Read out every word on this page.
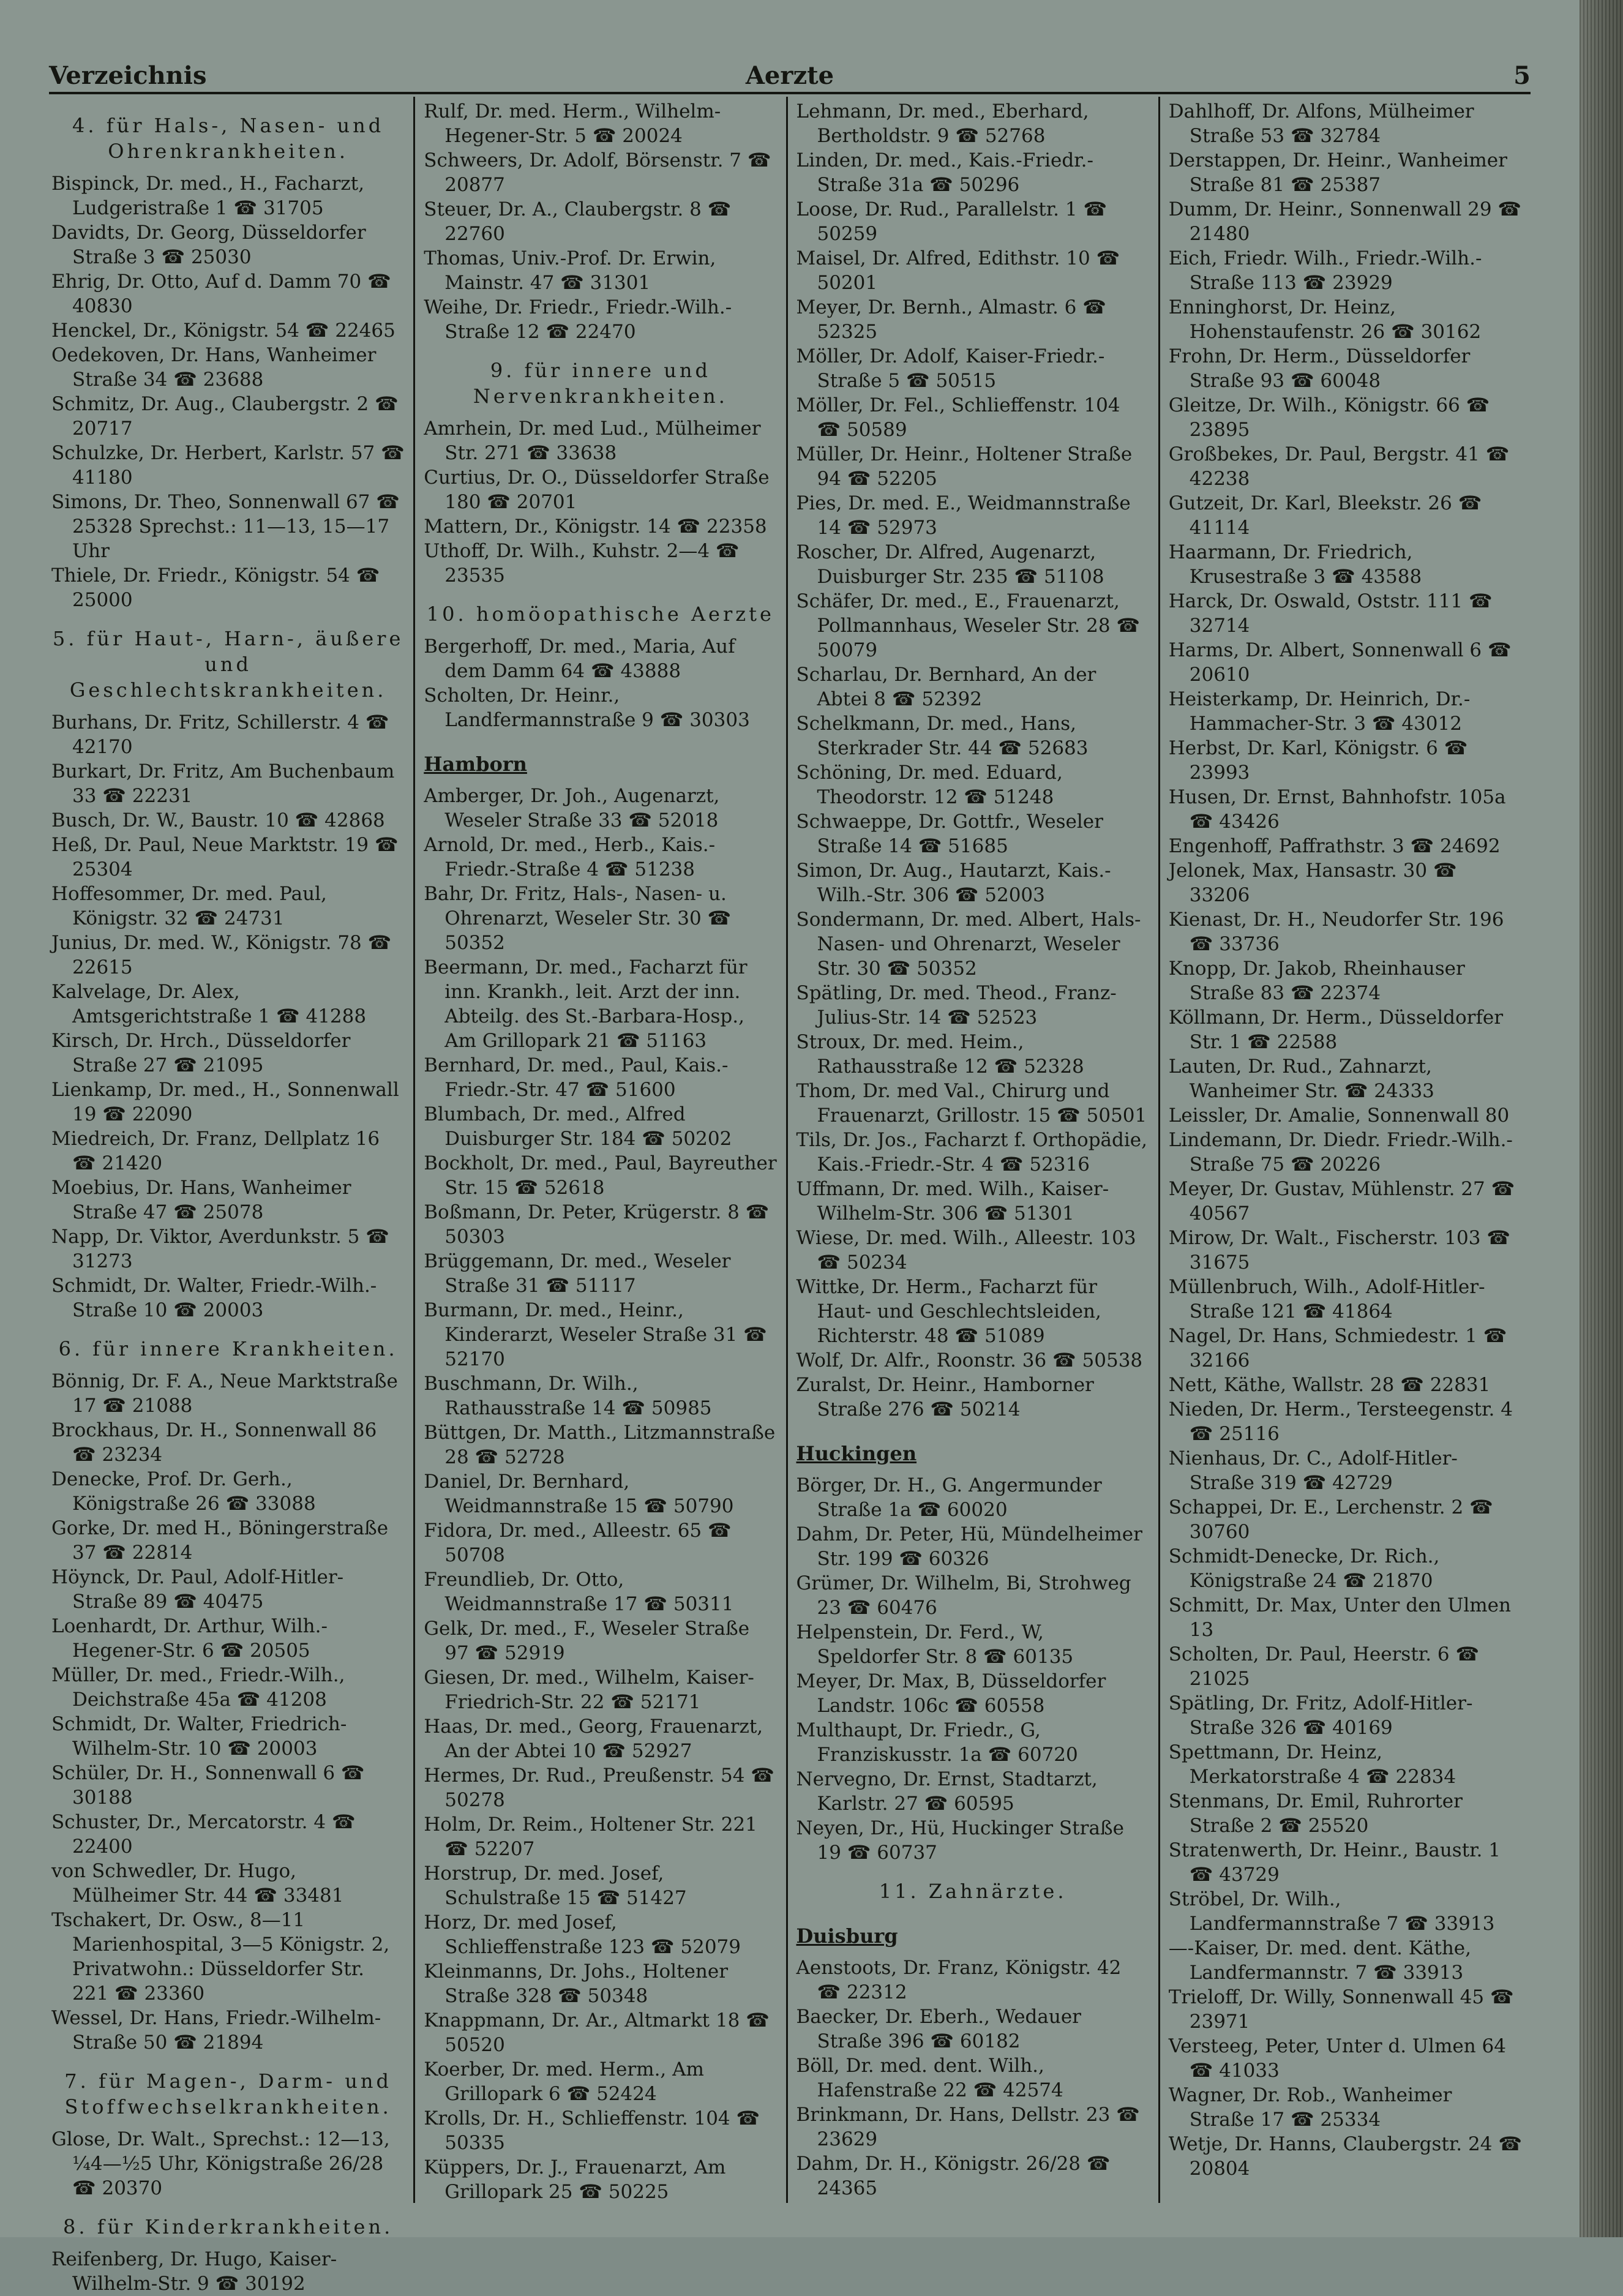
Verzeichnis	Aerzte	5
4. für Hals-, Nasen- und Ohrenkrankheiten.
Bispinck, Dr. med., H., Facharzt, Ludgeristraße 1 ☎ 31705
Davidts, Dr. Georg, Düsseldorfer Straße 3 ☎ 25030
Ehrig, Dr. Otto, Auf d. Damm 70 ☎ 40830
Henckel, Dr., Königstr. 54 ☎ 22465
Oedekoven, Dr. Hans, Wanheimer Straße 34 ☎ 23688
Schmitz, Dr. Aug., Claubergstr. 2 ☎ 20717
Schulzke, Dr. Herbert, Karlstr. 57 ☎ 41180
Simons, Dr. Theo, Sonnenwall 67 ☎ 25328 Sprechst.: 11—13, 15—17 Uhr
Thiele, Dr. Friedr., Königstr. 54 ☎ 25000
5. für Haut-, Harn-, äußere und Geschlechtskrankheiten.
Burhans, Dr. Fritz, Schillerstr. 4 ☎ 42170
Burkart, Dr. Fritz, Am Buchenbaum 33 ☎ 22231
Busch, Dr. W., Baustr. 10 ☎ 42868
Heß, Dr. Paul, Neue Marktstr. 19 ☎ 25304
Hoffesommer, Dr. med. Paul, Königstr. 32 ☎ 24731
Junius, Dr. med. W., Königstr. 78 ☎ 22615
Kalvelage, Dr. Alex, Amtsgerichtstraße 1 ☎ 41288
Kirsch, Dr. Hrch., Düsseldorfer Straße 27 ☎ 21095
Lienkamp, Dr. med., H., Sonnenwall 19 ☎ 22090
Miedreich, Dr. Franz, Dellplatz 16 ☎ 21420
Moebius, Dr. Hans, Wanheimer Straße 47 ☎ 25078
Napp, Dr. Viktor, Averdunkstr. 5 ☎ 31273
Schmidt, Dr. Walter, Friedr.-Wilh.-Straße 10 ☎ 20003
6. für innere Krankheiten.
Bönnig, Dr. F. A., Neue Marktstraße 17 ☎ 21088
Brockhaus, Dr. H., Sonnenwall 86 ☎ 23234
Denecke, Prof. Dr. Gerh., Königstraße 26 ☎ 33088
Gorke, Dr. med H., Böningerstraße 37 ☎ 22814
Höynck, Dr. Paul, Adolf-Hitler-Straße 89 ☎ 40475
Loenhardt, Dr. Arthur, Wilh.-Hegener-Str. 6 ☎ 20505
Müller, Dr. med., Friedr.-Wilh., Deichstraße 45a ☎ 41208
Schmidt, Dr. Walter, Friedrich-Wilhelm-Str. 10 ☎ 20003
Schüler, Dr. H., Sonnenwall 6 ☎ 30188
Schuster, Dr., Mercatorstr. 4 ☎ 22400
von Schwedler, Dr. Hugo, Mülheimer Str. 44 ☎ 33481
Tschakert, Dr. Osw., 8—11 Marienhospital, 3—5 Königstr. 2, Privatwohn.: Düsseldorfer Str. 221 ☎ 23360
Wessel, Dr. Hans, Friedr.-Wilhelm-Straße 50 ☎ 21894
7. für Magen-, Darm- und Stoffwechselkrankheiten.
Glose, Dr. Walt., Sprechst.: 12—13, ¼4—½5 Uhr, Königstraße 26/28 ☎ 20370
8. für Kinderkrankheiten.
Reifenberg, Dr. Hugo, Kaiser-Wilhelm-Str. 9 ☎ 30192
Rulf, Dr. med. Herm., Wilhelm-Hegener-Str. 5 ☎ 20024
Schweers, Dr. Adolf, Börsenstr. 7 ☎ 20877
Steuer, Dr. A., Claubergstr. 8 ☎ 22760
Thomas, Univ.-Prof. Dr. Erwin, Mainstr. 47 ☎ 31301
Weihe, Dr. Friedr., Friedr.-Wilh.-Straße 12 ☎ 22470
9. für innere und Nervenkrankheiten.
Amrhein, Dr. med Lud., Mülheimer Str. 271 ☎ 33638
Curtius, Dr. O., Düsseldorfer Straße 180 ☎ 20701
Mattern, Dr., Königstr. 14 ☎ 22358
Uthoff, Dr. Wilh., Kuhstr. 2—4 ☎ 23535
10. homöopathische Aerzte
Bergerhoff, Dr. med., Maria, Auf dem Damm 64 ☎ 43888
Scholten, Dr. Heinr., Landfermannstraße 9 ☎ 30303
Hamborn
Amberger, Dr. Joh., Augenarzt, Weseler Straße 33 ☎ 52018
Arnold, Dr. med., Herb., Kais.-Friedr.-Straße 4 ☎ 51238
Bahr, Dr. Fritz, Hals-, Nasen- u. Ohrenarzt, Weseler Str. 30 ☎ 50352
Beermann, Dr. med., Facharzt für inn. Krankh., leit. Arzt der inn. Abteilg. des St.-Barbara-Hosp., Am Grillopark 21 ☎ 51163
Bernhard, Dr. med., Paul, Kais.-Friedr.-Str. 47 ☎ 51600
Blumbach, Dr. med., Alfred Duisburger Str. 184 ☎ 50202
Bockholt, Dr. med., Paul, Bayreuther Str. 15 ☎ 52618
Boßmann, Dr. Peter, Krügerstr. 8 ☎ 50303
Brüggemann, Dr. med., Weseler Straße 31 ☎ 51117
Burmann, Dr. med., Heinr., Kinderarzt, Weseler Straße 31 ☎ 52170
Buschmann, Dr. Wilh., Rathausstraße 14 ☎ 50985
Büttgen, Dr. Matth., Litzmannstraße 28 ☎ 52728
Daniel, Dr. Bernhard, Weidmannstraße 15 ☎ 50790
Fidora, Dr. med., Alleestr. 65 ☎ 50708
Freundlieb, Dr. Otto, Weidmannstraße 17 ☎ 50311
Gelk, Dr. med., F., Weseler Straße 97 ☎ 52919
Giesen, Dr. med., Wilhelm, Kaiser-Friedrich-Str. 22 ☎ 52171
Haas, Dr. med., Georg, Frauenarzt, An der Abtei 10 ☎ 52927
Hermes, Dr. Rud., Preußenstr. 54 ☎ 50278
Holm, Dr. Reim., Holtener Str. 221 ☎ 52207
Horstrup, Dr. med. Josef, Schulstraße 15 ☎ 51427
Horz, Dr. med Josef, Schlieffenstraße 123 ☎ 52079
Kleinmanns, Dr. Johs., Holtener Straße 328 ☎ 50348
Knappmann, Dr. Ar., Altmarkt 18 ☎ 50520
Koerber, Dr. med. Herm., Am Grillopark 6 ☎ 52424
Krolls, Dr. H., Schlieffenstr. 104 ☎ 50335
Küppers, Dr. J., Frauenarzt, Am Grillopark 25 ☎ 50225
Lehmann, Dr. med., Eberhard, Bertholdstr. 9 ☎ 52768
Linden, Dr. med., Kais.-Friedr.-Straße 31a ☎ 50296
Loose, Dr. Rud., Parallelstr. 1 ☎ 50259
Maisel, Dr. Alfred, Edithstr. 10 ☎ 50201
Meyer, Dr. Bernh., Almastr. 6 ☎ 52325
Möller, Dr. Adolf, Kaiser-Friedr.-Straße 5 ☎ 50515
Möller, Dr. Fel., Schlieffenstr. 104 ☎ 50589
Müller, Dr. Heinr., Holtener Straße 94 ☎ 52205
Pies, Dr. med. E., Weidmannstraße 14 ☎ 52973
Roscher, Dr. Alfred, Augenarzt, Duisburger Str. 235 ☎ 51108
Schäfer, Dr. med., E., Frauenarzt, Pollmannhaus, Weseler Str. 28 ☎ 50079
Scharlau, Dr. Bernhard, An der Abtei 8 ☎ 52392
Schelkmann, Dr. med., Hans, Sterkrader Str. 44 ☎ 52683
Schöning, Dr. med. Eduard, Theodorstr. 12 ☎ 51248
Schwaeppe, Dr. Gottfr., Weseler Straße 14 ☎ 51685
Simon, Dr. Aug., Hautarzt, Kais.-Wilh.-Str. 306 ☎ 52003
Sondermann, Dr. med. Albert, Hals- Nasen- und Ohrenarzt, Weseler Str. 30 ☎ 50352
Spätling, Dr. med. Theod., Franz-Julius-Str. 14 ☎ 52523
Stroux, Dr. med. Heim., Rathausstraße 12 ☎ 52328
Thom, Dr. med Val., Chirurg und Frauenarzt, Grillostr. 15 ☎ 50501
Tils, Dr. Jos., Facharzt f. Orthopädie, Kais.-Friedr.-Str. 4 ☎ 52316
Uffmann, Dr. med. Wilh., Kaiser-Wilhelm-Str. 306 ☎ 51301
Wiese, Dr. med. Wilh., Alleestr. 103 ☎ 50234
Wittke, Dr. Herm., Facharzt für Haut- und Geschlechtsleiden, Richterstr. 48 ☎ 51089
Wolf, Dr. Alfr., Roonstr. 36 ☎ 50538
Zuralst, Dr. Heinr., Hamborner Straße 276 ☎ 50214
Huckingen
Börger, Dr. H., G. Angermunder Straße 1a ☎ 60020
Dahm, Dr. Peter, Hü, Mündelheimer Str. 199 ☎ 60326
Grümer, Dr. Wilhelm, Bi, Strohweg 23 ☎ 60476
Helpenstein, Dr. Ferd., W, Speldorfer Str. 8 ☎ 60135
Meyer, Dr. Max, B, Düsseldorfer Landstr. 106c ☎ 60558
Multhaupt, Dr. Friedr., G, Franziskusstr. 1a ☎ 60720
Nervegno, Dr. Ernst, Stadtarzt, Karlstr. 27 ☎ 60595
Neyen, Dr., Hü, Huckinger Straße 19 ☎ 60737
11. Zahnärzte.
Duisburg
Aenstoots, Dr. Franz, Königstr. 42 ☎ 22312
Baecker, Dr. Eberh., Wedauer Straße 396 ☎ 60182
Böll, Dr. med. dent. Wilh., Hafenstraße 22 ☎ 42574
Brinkmann, Dr. Hans, Dellstr. 23 ☎ 23629
Dahm, Dr. H., Königstr. 26/28 ☎ 24365
Dahlhoff, Dr. Alfons, Mülheimer Straße 53 ☎ 32784
Derstappen, Dr. Heinr., Wanheimer Straße 81 ☎ 25387
Dumm, Dr. Heinr., Sonnenwall 29 ☎ 21480
Eich, Friedr. Wilh., Friedr.-Wilh.-Straße 113 ☎ 23929
Enninghorst, Dr. Heinz, Hohenstaufenstr. 26 ☎ 30162
Frohn, Dr. Herm., Düsseldorfer Straße 93 ☎ 60048
Gleitze, Dr. Wilh., Königstr. 66 ☎ 23895
Großbekes, Dr. Paul, Bergstr. 41 ☎ 42238
Gutzeit, Dr. Karl, Bleekstr. 26 ☎ 41114
Haarmann, Dr. Friedrich, Krusestraße 3 ☎ 43588
Harck, Dr. Oswald, Oststr. 111 ☎ 32714
Harms, Dr. Albert, Sonnenwall 6 ☎ 20610
Heisterkamp, Dr. Heinrich, Dr.-Hammacher-Str. 3 ☎ 43012
Herbst, Dr. Karl, Königstr. 6 ☎ 23993
Husen, Dr. Ernst, Bahnhofstr. 105a ☎ 43426
Engenhoff, Paffrathstr. 3 ☎ 24692
Jelonek, Max, Hansastr. 30 ☎ 33206
Kienast, Dr. H., Neudorfer Str. 196 ☎ 33736
Knopp, Dr. Jakob, Rheinhauser Straße 83 ☎ 22374
Köllmann, Dr. Herm., Düsseldorfer Str. 1 ☎ 22588
Lauten, Dr. Rud., Zahnarzt, Wanheimer Str. ☎ 24333
Leissler, Dr. Amalie, Sonnenwall 80
Lindemann, Dr. Diedr. Friedr.-Wilh.-Straße 75 ☎ 20226
Meyer, Dr. Gustav, Mühlenstr. 27 ☎ 40567
Mirow, Dr. Walt., Fischerstr. 103 ☎ 31675
Müllenbruch, Wilh., Adolf-Hitler-Straße 121 ☎ 41864
Nagel, Dr. Hans, Schmiedestr. 1 ☎ 32166
Nett, Käthe, Wallstr. 28 ☎ 22831
Nieden, Dr. Herm., Tersteegenstr. 4 ☎ 25116
Nienhaus, Dr. C., Adolf-Hitler-Straße 319 ☎ 42729
Schappei, Dr. E., Lerchenstr. 2 ☎ 30760
Schmidt-Denecke, Dr. Rich., Königstraße 24 ☎ 21870
Schmitt, Dr. Max, Unter den Ulmen 13
Scholten, Dr. Paul, Heerstr. 6 ☎ 21025
Spätling, Dr. Fritz, Adolf-Hitler-Straße 326 ☎ 40169
Spettmann, Dr. Heinz, Merkatorstraße 4 ☎ 22834
Stenmans, Dr. Emil, Ruhrorter Straße 2 ☎ 25520
Stratenwerth, Dr. Heinr., Baustr. 1 ☎ 43729
Ströbel, Dr. Wilh., Landfermannstraße 7 ☎ 33913
—-Kaiser, Dr. med. dent. Käthe, Landfermannstr. 7 ☎ 33913
Trieloff, Dr. Willy, Sonnenwall 45 ☎ 23971
Versteeg, Peter, Unter d. Ulmen 64 ☎ 41033
Wagner, Dr. Rob., Wanheimer Straße 17 ☎ 25334
Wetje, Dr. Hanns, Claubergstr. 24 ☎ 20804
